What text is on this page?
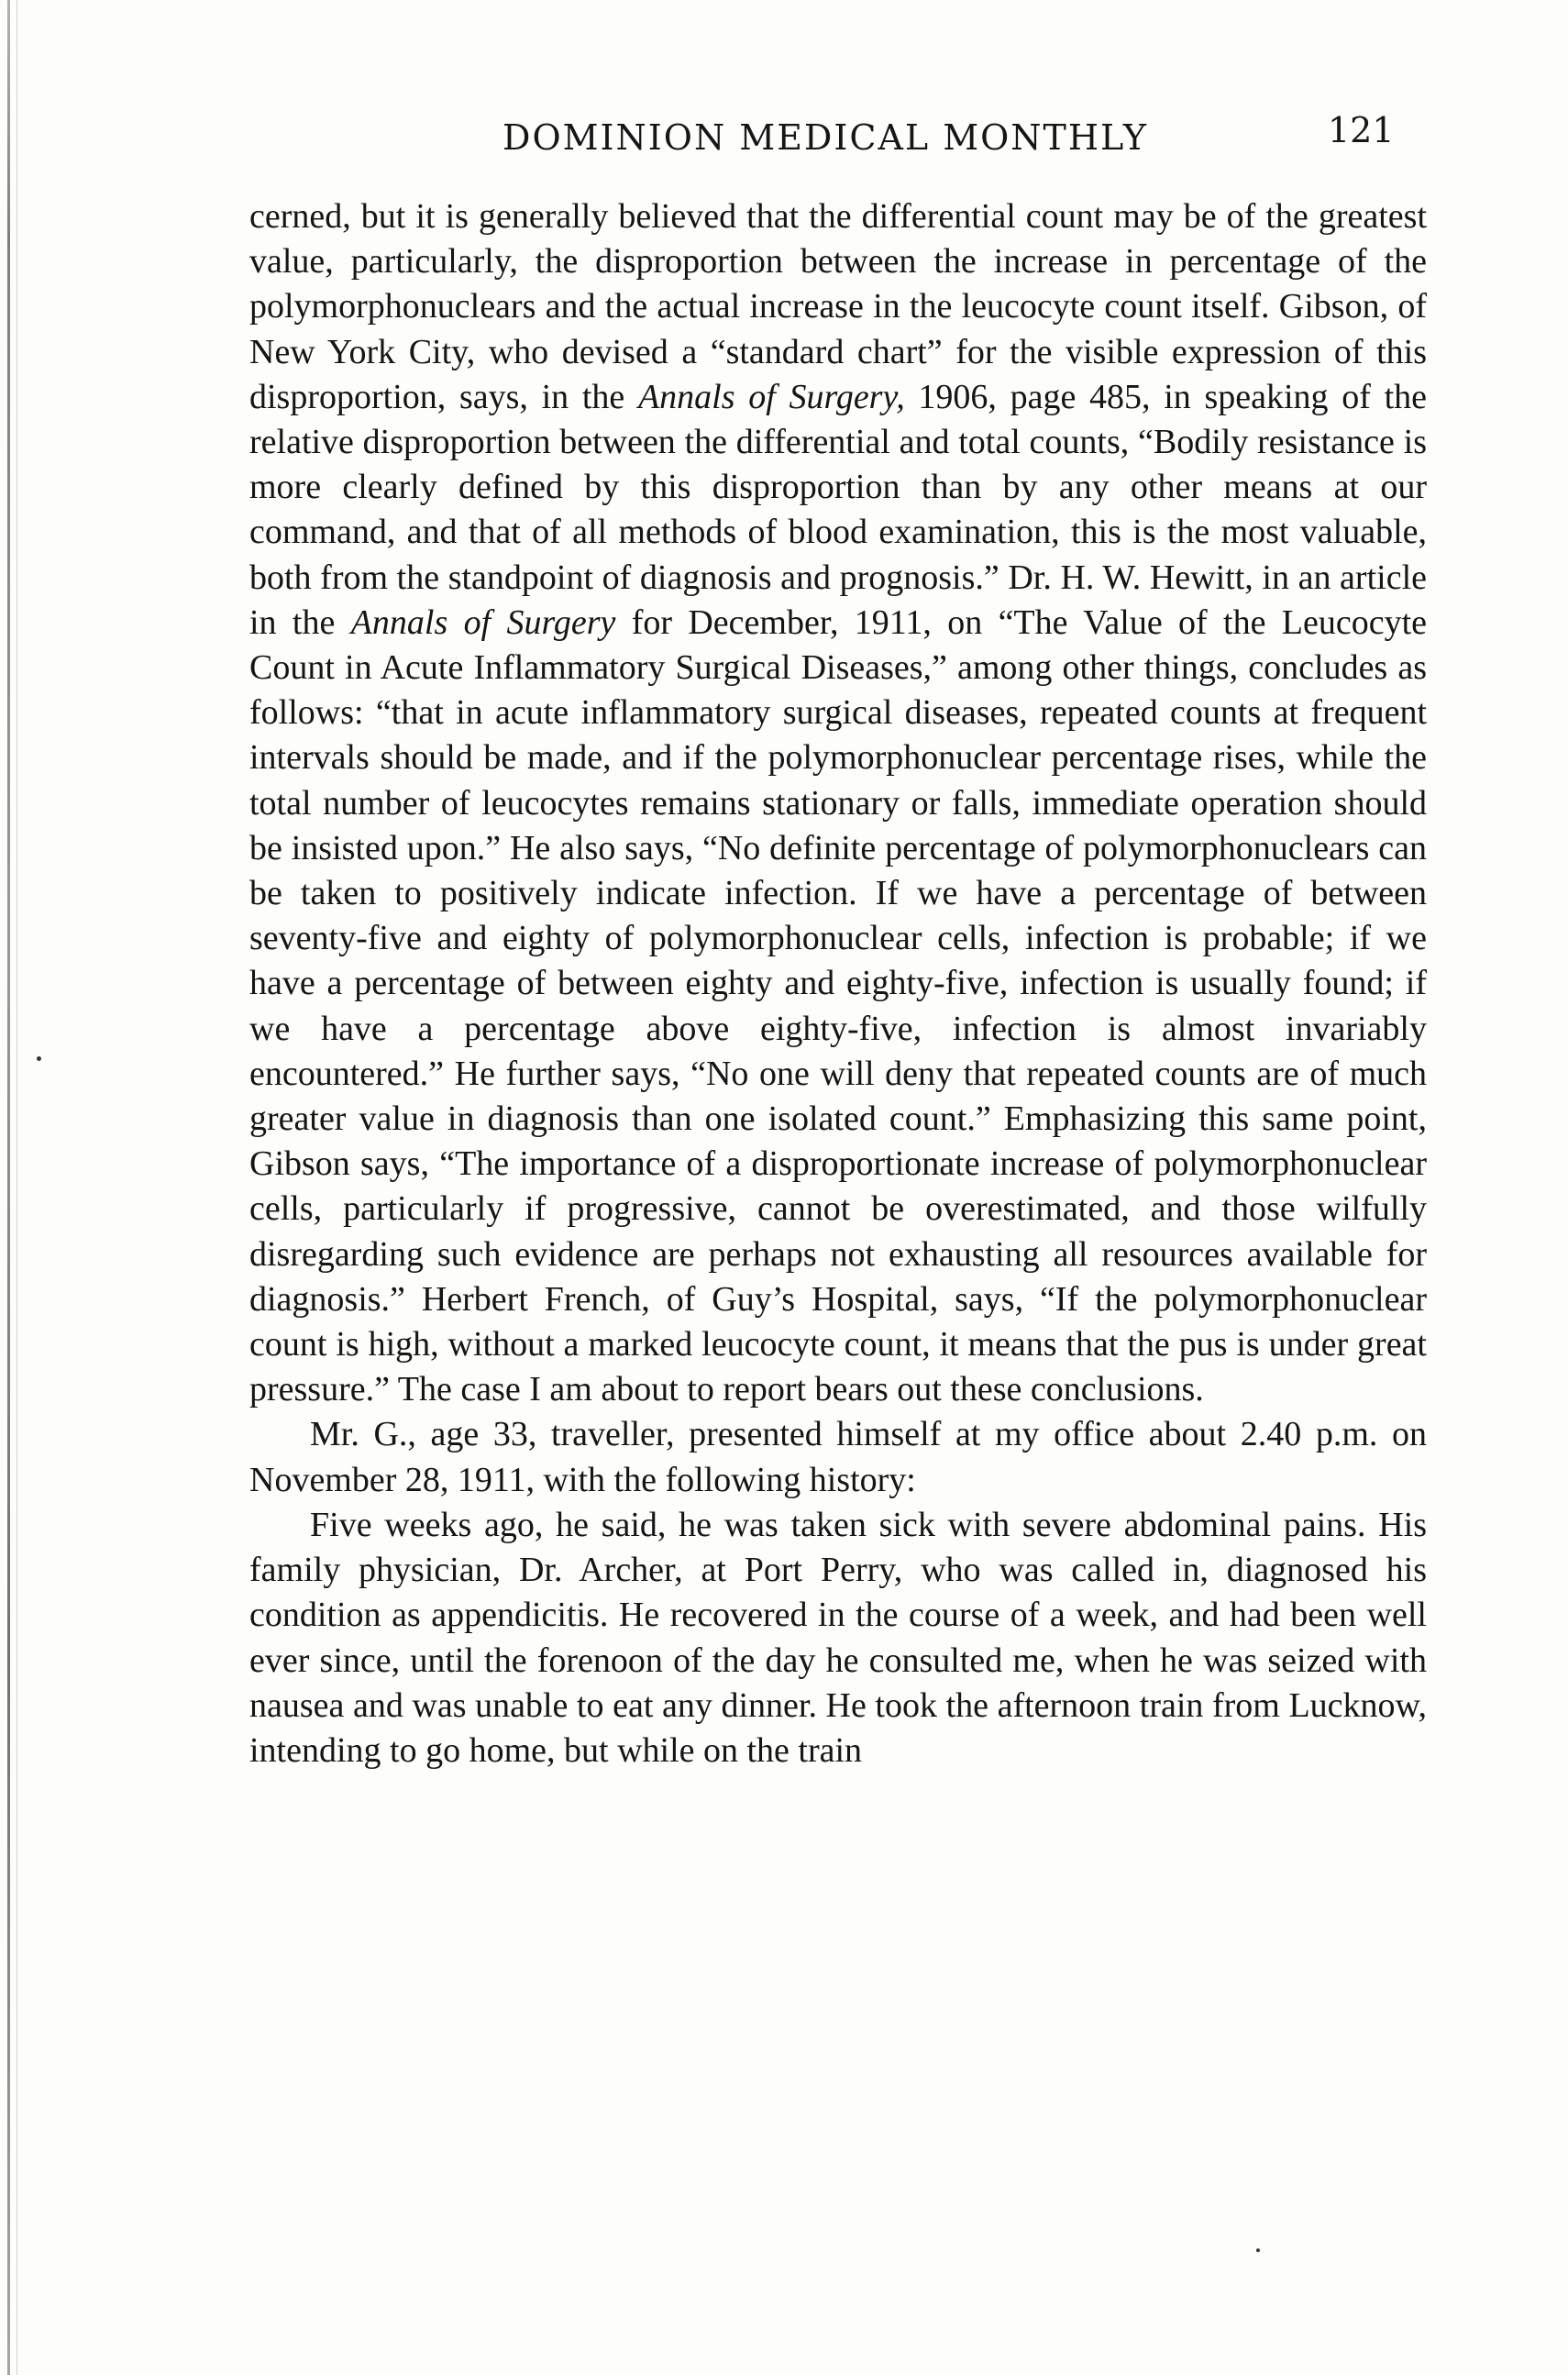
DOMINION MEDICAL MONTHLY	121

cerned, but it is generally believed that the differential count may be of the greatest value, particularly, the disproportion between the increase in percentage of the polymorphonuclears and the actual increase in the leucocyte count itself. Gibson, of New York City, who devised a “standard chart” for the visible expression of this disproportion, says, in the Annals of Surgery, 1906, page 485, in speaking of the relative disproportion between the differential and total counts, “Bodily resistance is more clearly defined by this disproportion than by any other means at our command, and that of all methods of blood examination, this is the most valuable, both from the standpoint of diagnosis and prognosis.” Dr. H. W. Hewitt, in an article in the Annals of Surgery for December, 1911, on “The Value of the Leucocyte Count in Acute Inflammatory Surgical Diseases,” among other things, concludes as follows: “that in acute inflammatory surgical diseases, repeated counts at frequent intervals should be made, and if the polymorphonuclear percentage rises, while the total number of leucocytes remains stationary or falls, immediate operation should be insisted upon.” He also says, “No definite percentage of polymorphonuclears can be taken to positively indicate infection. If we have a percentage of between seventy-five and eighty of polymorphonuclear cells, infection is probable; if we have a percentage of between eighty and eighty-five, infection is usually found; if we have a percentage above eighty-five, infection is almost invariably encountered.” He further says, “No one will deny that repeated counts are of much greater value in diagnosis than one isolated count.” Emphasizing this same point, Gibson says, “The importance of a disproportionate increase of polymorphonuclear cells, particularly if progressive, cannot be overestimated, and those wilfully disregarding such evidence are perhaps not exhausting all resources available for diagnosis.” Herbert French, of Guy’s Hospital, says, “If the polymorphonuclear count is high, without a marked leucocyte count, it means that the pus is under great pressure.” The case I am about to report bears out these conclusions.

Mr. G., age 33, traveller, presented himself at my office about 2.40 p.m. on November 28, 1911, with the following history:

Five weeks ago, he said, he was taken sick with severe abdominal pains. His family physician, Dr. Archer, at Port Perry, who was called in, diagnosed his condition as appendicitis. He recovered in the course of a week, and had been well ever since, until the forenoon of the day he consulted me, when he was seized with nausea and was unable to eat any dinner. He took the afternoon train from Lucknow, intending to go home, but while on the train
